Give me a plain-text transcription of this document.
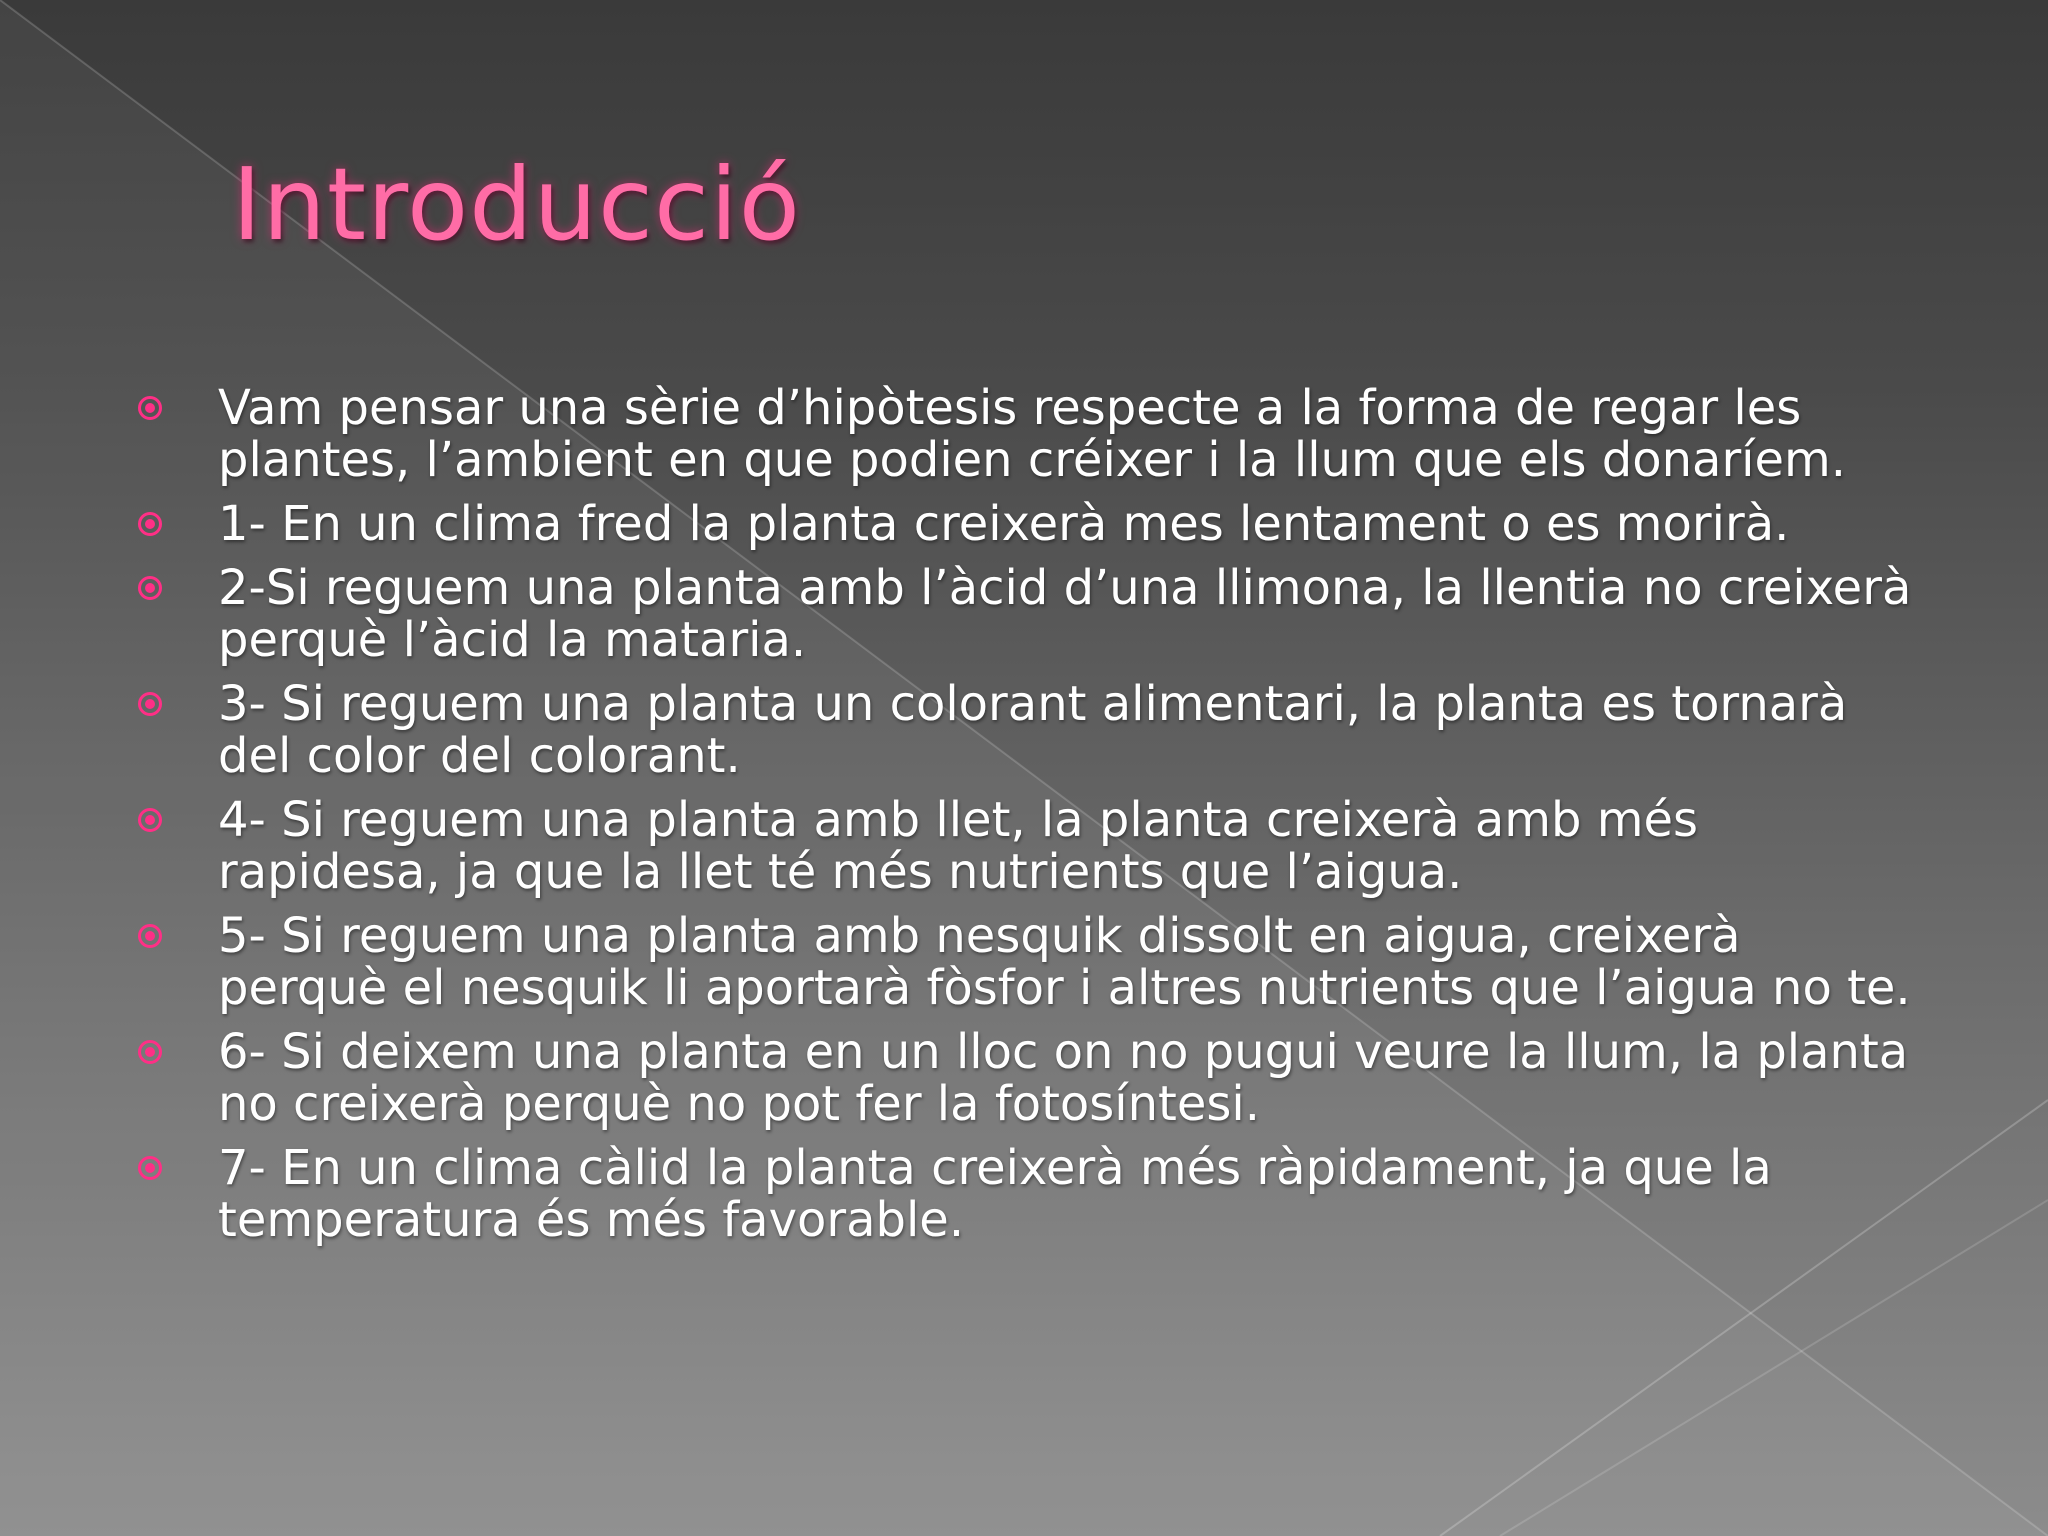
Introducció
Vam pensar una sèrie d’hipòtesis respecte a la forma de regar les plantes, l’ambient en que podien créixer i la llum que els donaríem.
1- En un clima fred la planta creixerà mes lentament o es morirà.
2-Si reguem una planta amb l’àcid d’una llimona, la llentia no creixerà perquè l’àcid la mataria.
3- Si reguem una planta un colorant alimentari, la planta es tornarà del color del colorant.
4- Si reguem una planta amb llet, la planta creixerà amb més rapidesa, ja que la llet té més nutrients que l’aigua.
5- Si reguem una planta amb nesquik dissolt en aigua, creixerà perquè el nesquik li aportarà fòsfor i altres nutrients que l’aigua no te.
6- Si deixem una planta en un lloc on no pugui veure la llum, la planta no creixerà perquè no pot fer la fotosíntesi.
7- En un clima càlid la planta creixerà més ràpidament, ja que la temperatura és més favorable.
